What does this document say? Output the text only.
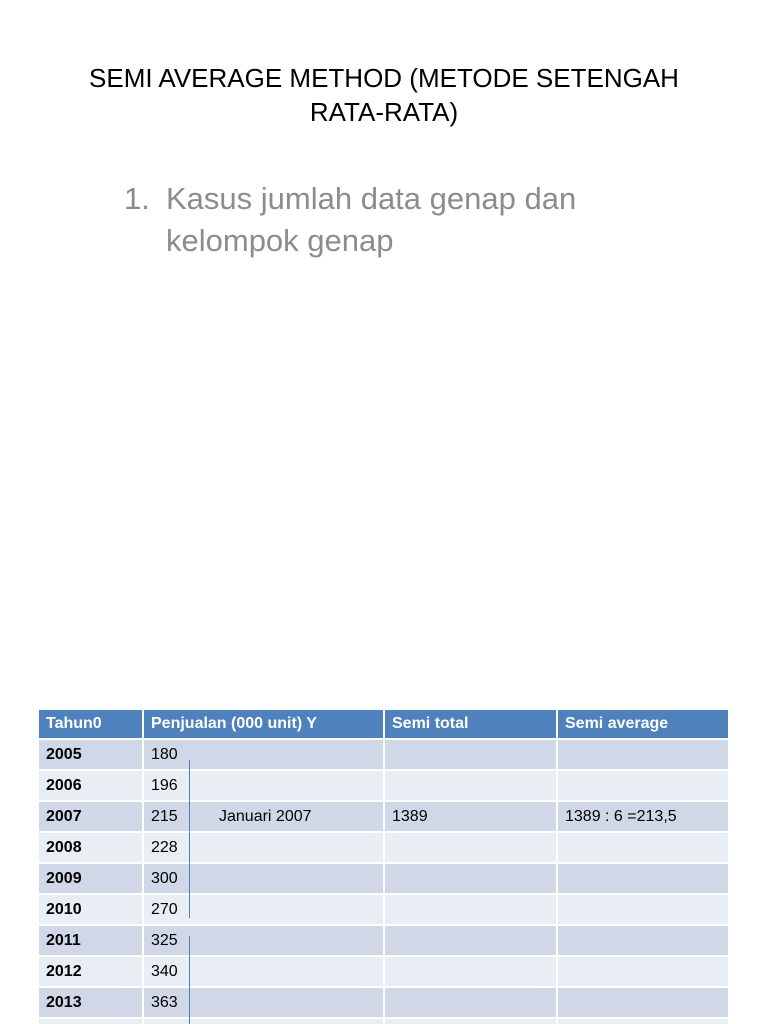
SEMI AVERAGE METHOD (METODE SETENGAH
RATA-RATA)
1. Kasus jumlah data genap dan kelompok genap
Tahun0	Penjualan (000 unit) Y	Semi total	Semi average
2005	180		

2006	196		

2007	215 Januari 2007	1389	1389 : 6 =213,5
2008	228		

2009	300		

2010	270		

2011	325		

2012	340		

2013	363		
